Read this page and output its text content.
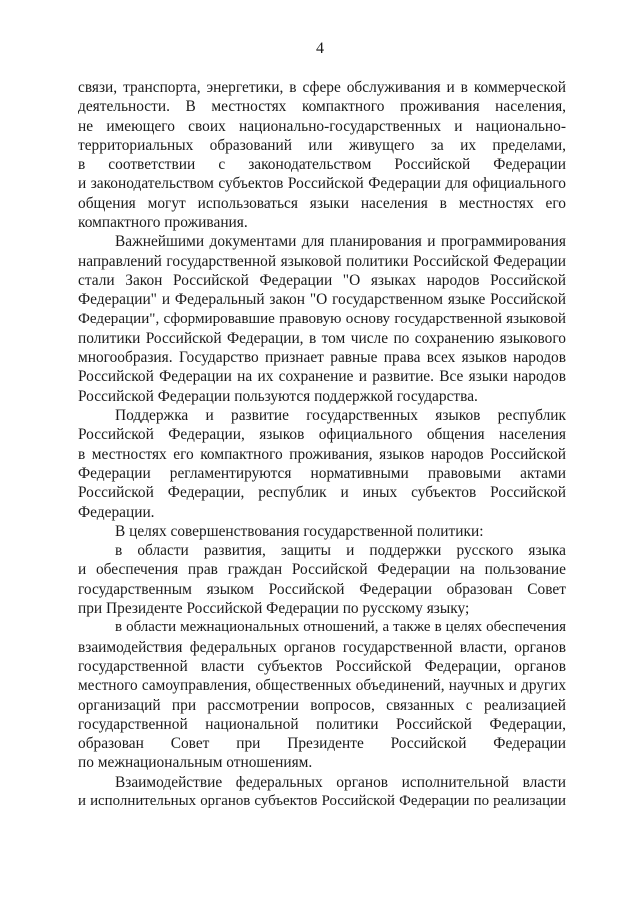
4
связи, транспорта, энергетики, в сфере обслуживания и в коммерческой
деятельности. В местностях компактного проживания населения,
не имеющего своих национально-государственных и национально-
территориальных образований или живущего за их пределами,
в соответствии с законодательством Российской Федерации
и законодательством субъектов Российской Федерации для официального
общения могут использоваться языки населения в местностях его
компактного проживания.
Важнейшими документами для планирования и программирования
направлений государственной языковой политики Российской Федерации
стали Закон Российской Федерации "О языках народов Российской
Федерации" и Федеральный закон "О государственном языке Российской
Федерации", сформировавшие правовую основу государственной языковой
политики Российской Федерации, в том числе по сохранению языкового
многообразия. Государство признает равные права всех языков народов
Российской Федерации на их сохранение и развитие. Все языки народов
Российской Федерации пользуются поддержкой государства.
Поддержка и развитие государственных языков республик
Российской Федерации, языков официального общения населения
в местностях его компактного проживания, языков народов Российской
Федерации регламентируются нормативными правовыми актами
Российской Федерации, республик и иных субъектов Российской
Федерации.
В целях совершенствования государственной политики:
в области развития, защиты и поддержки русского языка
и обеспечения прав граждан Российской Федерации на пользование
государственным языком Российской Федерации образован Совет
при Президенте Российской Федерации по русскому языку;
в области межнациональных отношений, а также в целях обеспечения
взаимодействия федеральных органов государственной власти, органов
государственной власти субъектов Российской Федерации, органов
местного самоуправления, общественных объединений, научных и других
организаций при рассмотрении вопросов, связанных с реализацией
государственной национальной политики Российской Федерации,
образован Совет при Президенте Российской Федерации
по межнациональным отношениям.
Взаимодействие федеральных органов исполнительной власти
и исполнительных органов субъектов Российской Федерации по реализации
